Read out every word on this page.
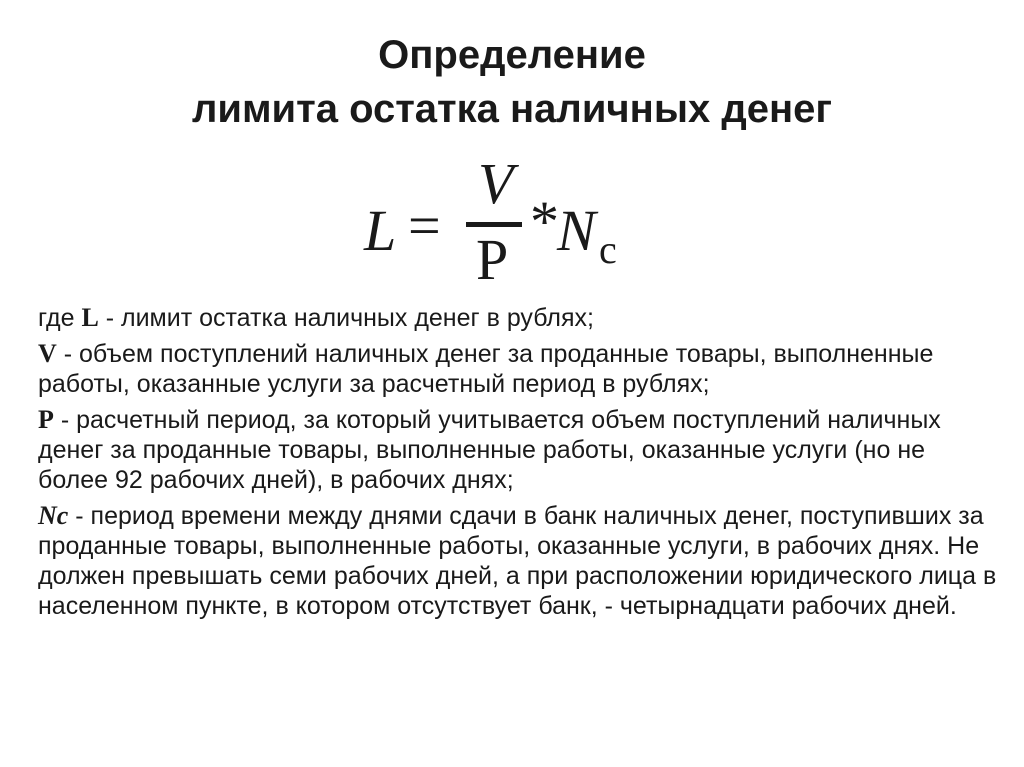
Определение
лимита остатка наличных денег
L =
V
P
*
N с

где L - лимит остатка наличных денег в рублях;

V - объем поступлений наличных денег за проданные товары, выполненные работы, оказанные услуги за расчетный период в рублях;

P - расчетный период, за который учитывается объем поступлений наличных денег за проданные товары, выполненные работы, оказанные услуги (но не более 92 рабочих дней), в рабочих днях;

Nc - период времени между днями сдачи в банк наличных денег, поступивших за проданные товары, выполненные работы, оказанные услуги, в рабочих днях. Не должен превышать семи рабочих дней, а при расположении юридического лица в населенном пункте, в котором отсутствует банк, - четырнадцати рабочих дней.
